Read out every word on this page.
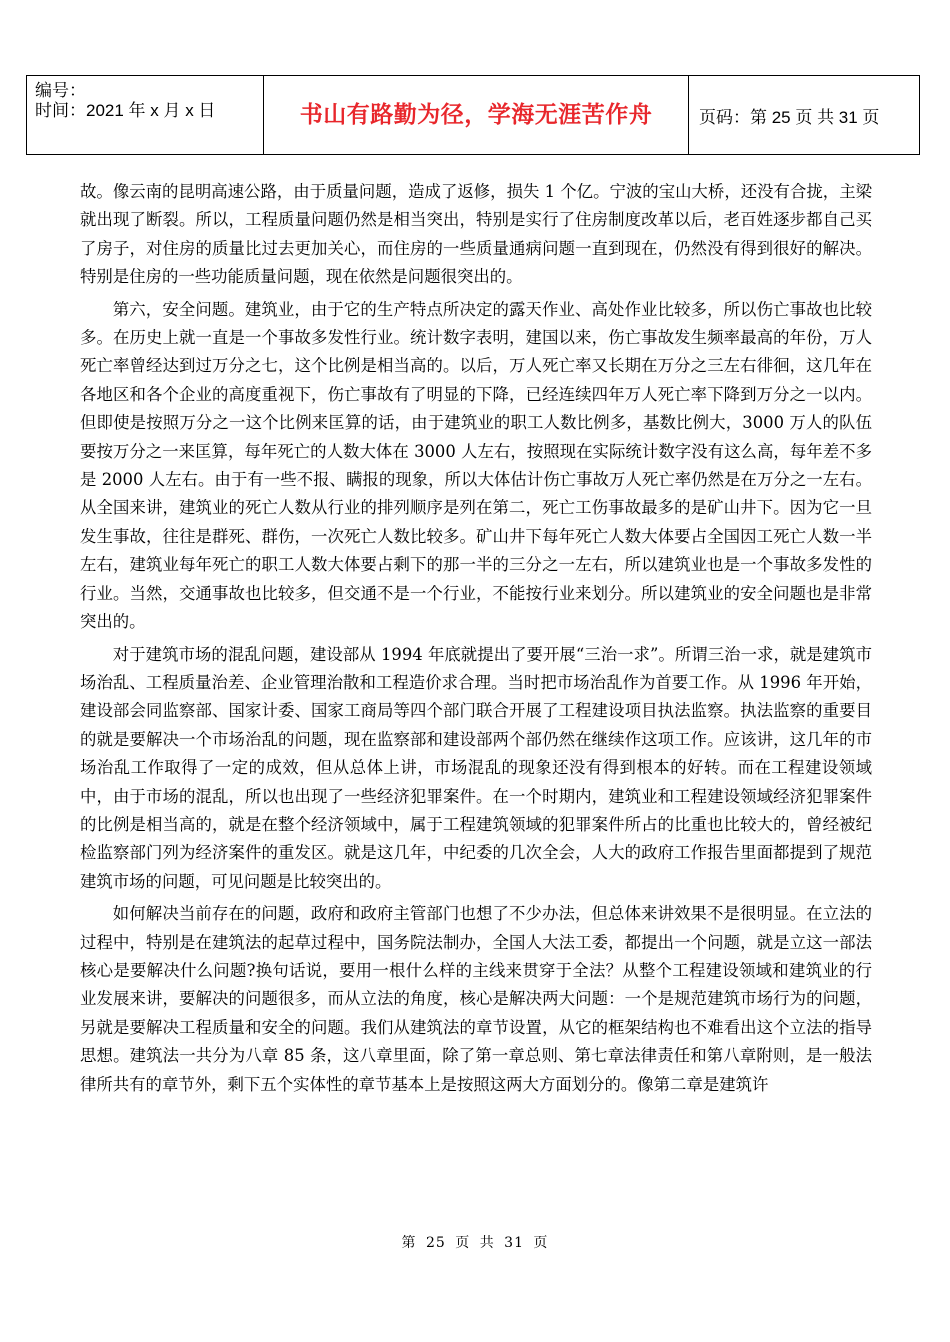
编号：
时间：2021 年 x 月 x 日	书山有路勤为径，学海无涯苦作舟	页码：第 25 页 共 31 页

故。像云南的昆明高速公路，由于质量问题，造成了返修，损失 1 个亿。宁波的宝山大桥，还没有合拢，主梁就出现了断裂。所以，工程质量问题仍然是相当突出，特别是实行了住房制度改革以后，老百姓逐步都自己买了房子，对住房的质量比过去更加关心，而住房的一些质量通病问题一直到现在，仍然没有得到很好的解决。特别是住房的一些功能质量问题，现在依然是问题很突出的。

第六，安全问题。建筑业，由于它的生产特点所决定的露天作业、高处作业比较多，所以伤亡事故也比较多。在历史上就一直是一个事故多发性行业。统计数字表明，建国以来，伤亡事故发生频率最高的年份，万人死亡率曾经达到过万分之七，这个比例是相当高的。以后，万人死亡率又长期在万分之三左右徘徊，这几年在各地区和各个企业的高度重视下，伤亡事故有了明显的下降，已经连续四年万人死亡率下降到万分之一以内。但即使是按照万分之一这个比例来匡算的话，由于建筑业的职工人数比例多，基数比例大，3000 万人的队伍要按万分之一来匡算，每年死亡的人数大体在 3000 人左右，按照现在实际统计数字没有这么高，每年差不多是 2000 人左右。由于有一些不报、瞒报的现象，所以大体估计伤亡事故万人死亡率仍然是在万分之一左右。从全国来讲，建筑业的死亡人数从行业的排列顺序是列在第二，死亡工伤事故最多的是矿山井下。因为它一旦发生事故，往往是群死、群伤，一次死亡人数比较多。矿山井下每年死亡人数大体要占全国因工死亡人数一半左右，建筑业每年死亡的职工人数大体要占剩下的那一半的三分之一左右，所以建筑业也是一个事故多发性的行业。当然，交通事故也比较多，但交通不是一个行业，不能按行业来划分。所以建筑业的安全问题也是非常突出的。

对于建筑市场的混乱问题，建设部从 1994 年底就提出了要开展“三治一求”。所谓三治一求，就是建筑市场治乱、工程质量治差、企业管理治散和工程造价求合理。当时把市场治乱作为首要工作。从 1996 年开始，建设部会同监察部、国家计委、国家工商局等四个部门联合开展了工程建设项目执法监察。执法监察的重要目的就是要解决一个市场治乱的问题，现在监察部和建设部两个部仍然在继续作这项工作。应该讲，这几年的市场治乱工作取得了一定的成效，但从总体上讲，市场混乱的现象还没有得到根本的好转。而在工程建设领域中，由于市场的混乱，所以也出现了一些经济犯罪案件。在一个时期内，建筑业和工程建设领域经济犯罪案件的比例是相当高的，就是在整个经济领域中，属于工程建筑领域的犯罪案件所占的比重也比较大的，曾经被纪检监察部门列为经济案件的重发区。就是这几年，中纪委的几次全会，人大的政府工作报告里面都提到了规范建筑市场的问题，可见问题是比较突出的。

如何解决当前存在的问题，政府和政府主管部门也想了不少办法，但总体来讲效果不是很明显。在立法的过程中，特别是在建筑法的起草过程中，国务院法制办，全国人大法工委，都提出一个问题，就是立这一部法核心是要解决什么问题?换句话说，要用一根什么样的主线来贯穿于全法？从整个工程建设领域和建筑业的行业发展来讲，要解决的问题很多，而从立法的角度，核心是解决两大问题：一个是规范建筑市场行为的问题，另就是要解决工程质量和安全的问题。我们从建筑法的章节设置，从它的框架结构也不难看出这个立法的指导思想。建筑法一共分为八章 85 条，这八章里面，除了第一章总则、第七章法律责任和第八章附则，是一般法律所共有的章节外，剩下五个实体性的章节基本上是按照这两大方面划分的。像第二章是建筑许

第 25 页 共 31 页
